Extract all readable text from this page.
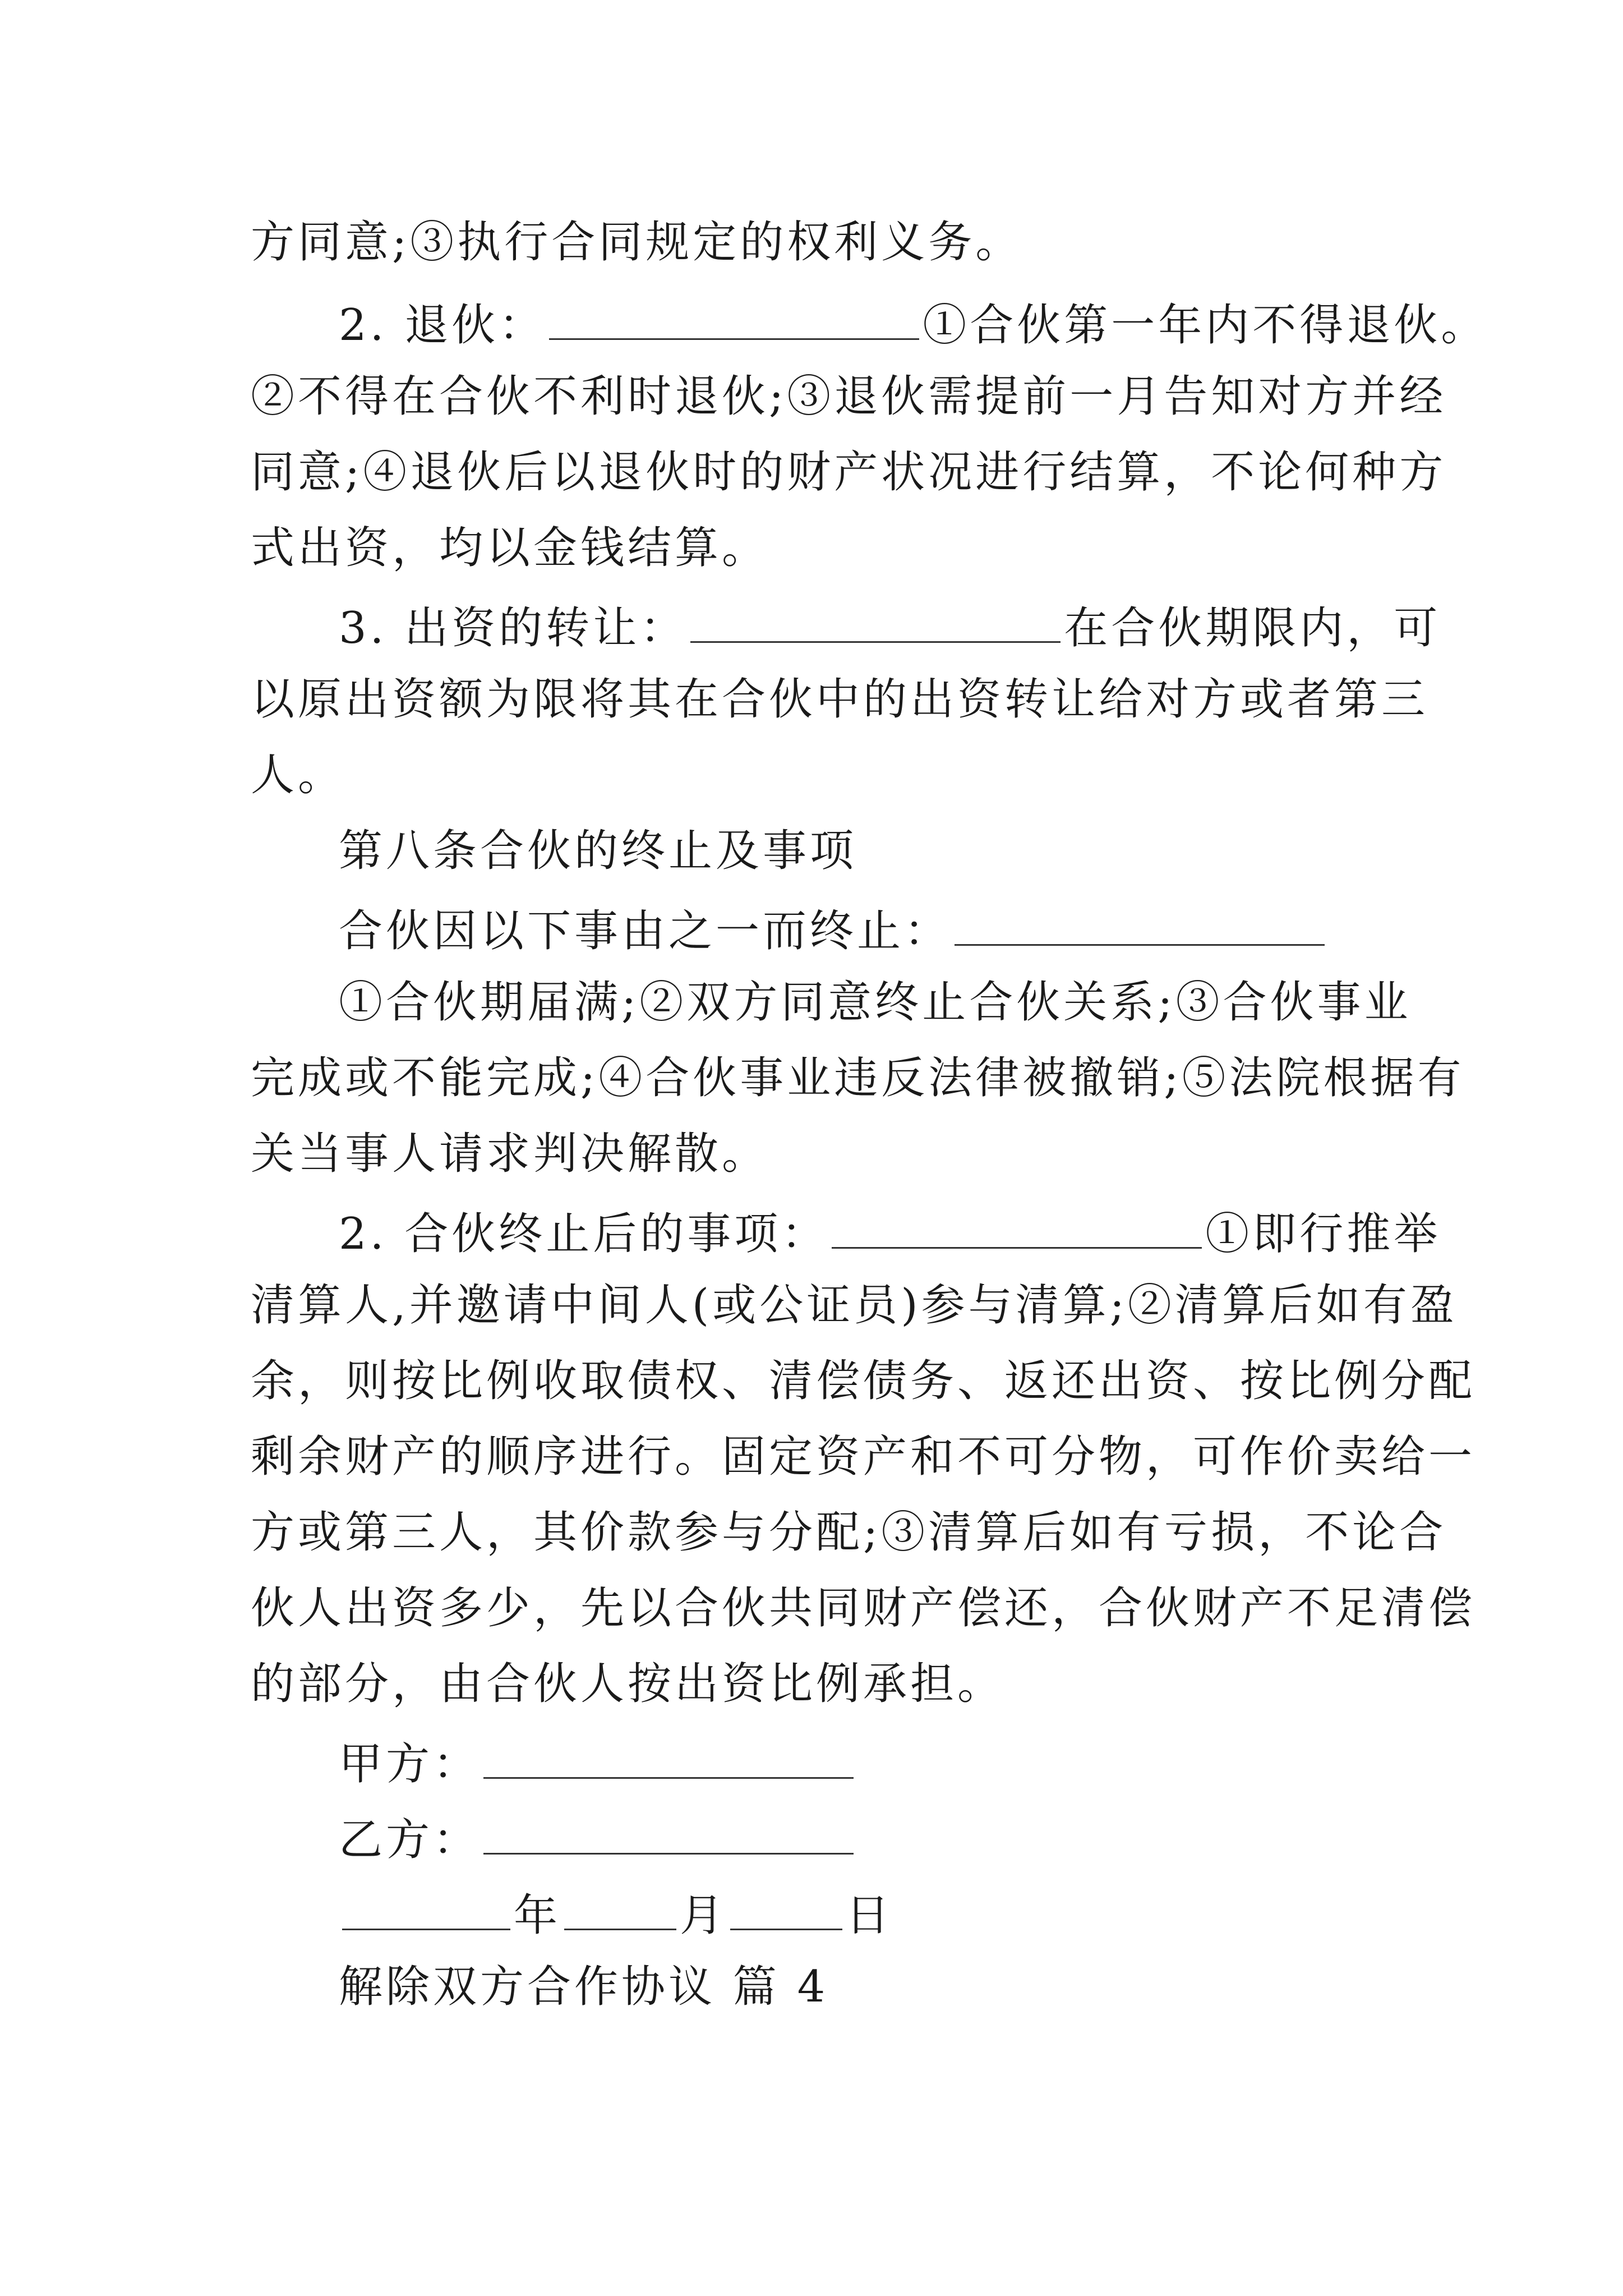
方同意;③执行合同规定的权利义务。
2. 退伙：	①合伙第一年内不得退伙。
②不得在合伙不利时退伙;③退伙需提前一月告知对方并经
同意;④退伙后以退伙时的财产状况进行结算，不论何种方
式出资，均以金钱结算。
3. 出资的转让：	在合伙期限内，可
以原出资额为限将其在合伙中的出资转让给对方或者第三
人。
第八条合伙的终止及事项
合伙因以下事由之一而终止：
①合伙期届满;②双方同意终止合伙关系;③合伙事业
完成或不能完成;④合伙事业违反法律被撤销;⑤法院根据有
关当事人请求判决解散。
2. 合伙终止后的事项：	①即行推举
清算人,并邀请中间人(或公证员)参与清算;②清算后如有盈
余，则按比例收取债权、清偿债务、返还出资、按比例分配
剩余财产的顺序进行。固定资产和不可分物，可作价卖给一
方或第三人，其价款参与分配;③清算后如有亏损，不论合
伙人出资多少，先以合伙共同财产偿还，合伙财产不足清偿
的部分，由合伙人按出资比例承担。
甲方：
乙方：
年	月	日
解除双方合作协议 篇 4
